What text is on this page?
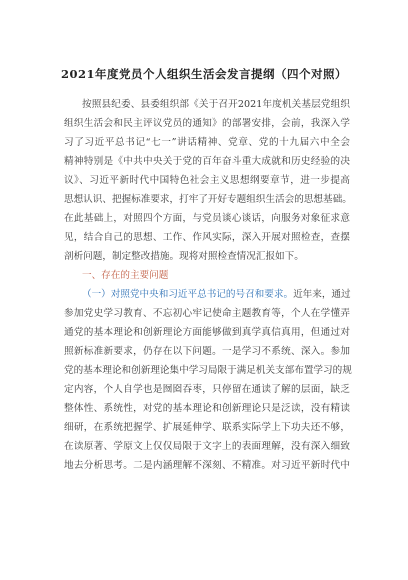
2021年度党员个人组织生活会发言提纲（四个对照）
按照县纪委、县委组织部《关于召开2021年度机关基层党组织
组织生活会和民主评议党员的通知》的部署安排，会前，我深入学
习了习近平总书记“七一”讲话精神、党章、党的十九届六中全会
精神特别是《中共中央关于党的百年奋斗重大成就和历史经验的决
议》、习近平新时代中国特色社会主义思想纲要章节，进一步提高
思想认识、把握标准要求，打牢了开好专题组织生活会的思想基础。
在此基础上，对照四个方面，与党员谈心谈话，向服务对象征求意
见，结合自己的思想、工作、作风实际，深入开展对照检查，查摆
剖析问题，制定整改措施。现将对照检查情况汇报如下。
一、存在的主要问题
（一）对照党中央和习近平总书记的号召和要求。近年来，通过
参加党史学习教育、不忘初心牢记使命主题教育等，个人在学懂弄
通党的基本理论和创新理论方面能够做到真学真信真用，但通过对
照新标准新要求，仍存在以下问题。一是学习不系统、深入。参加
党的基本理论和创新理论集中学习局限于满足机关支部布置学习的规
定内容，个人自学也是囫囵吞枣，只停留在通读了解的层面，缺乏
整体性、系统性，对党的基本理论和创新理论只是泛读，没有精读
细研，在系统把握学、扩展延伸学、联系实际学上下功夫还不够，
在读原著、学原文上仅仅局限于文字上的表面理解，没有深入细致
地去分析思考。二是内涵理解不深刻、不精准。对习近平新时代中
